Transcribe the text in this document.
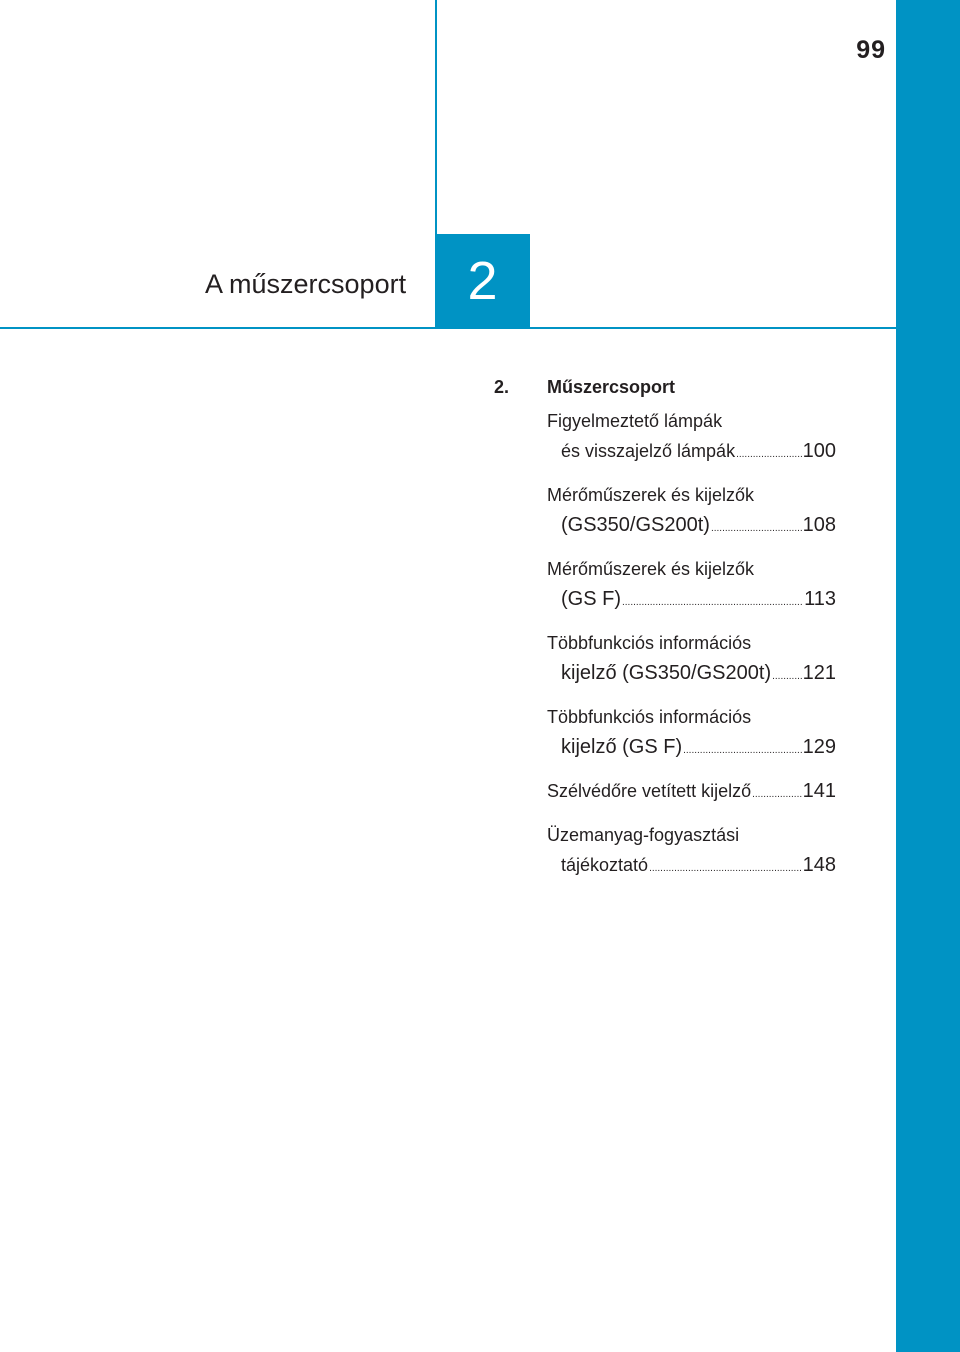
99
A műszercsoport	2
2. Műszercsoport
Figyelmeztető lámpák
és visszajelző lámpák .....	100
Mérőműszerek és kijelzők
(GS350/GS200t) .....	108
Mérőműszerek és kijelzők
(GS F) .....	113
Többfunkciós információs
kijelző (GS350/GS200t) ..... 121
Többfunkciós információs
kijelző (GS F) .....	129
Szélvédőre vetített kijelző .....	141
Üzemanyag-fogyasztási
tájékoztató .....	148
